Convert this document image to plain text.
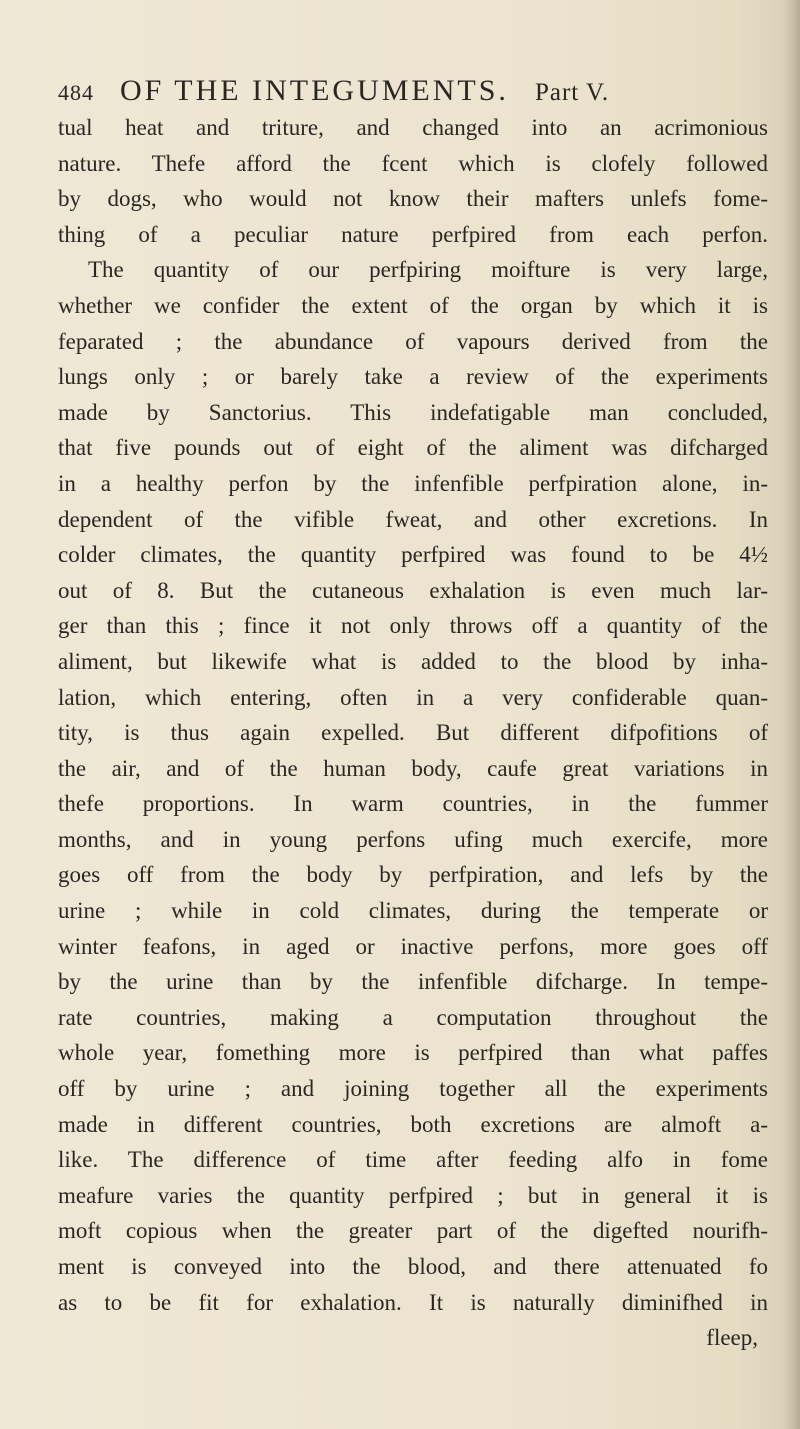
484 OF THE INTEGUMENTS. Part V.
tual heat and triture, and changed into an acrimonious
nature. Thefe afford the fcent which is clofely followed
by dogs, who would not know their mafters unlefs fome-
thing of a peculiar nature perfpired from each perfon.
The quantity of our perfpiring moifture is very large,
whether we confider the extent of the organ by which it is
feparated ; the abundance of vapours derived from the
lungs only ; or barely take a review of the experiments
made by Sanctorius. This indefatigable man concluded,
that five pounds out of eight of the aliment was difcharged
in a healthy perfon by the infenfible perfpiration alone, in-
dependent of the vifible fweat, and other excretions. In
colder climates, the quantity perfpired was found to be 4½
out of 8. But the cutaneous exhalation is even much lar-
ger than this ; fince it not only throws off a quantity of the
aliment, but likewife what is added to the blood by inha-
lation, which entering, often in a very confiderable quan-
tity, is thus again expelled. But different difpofitions of
the air, and of the human body, caufe great variations in
thefe proportions. In warm countries, in the fummer
months, and in young perfons ufing much exercife, more
goes off from the body by perfpiration, and lefs by the
urine ; while in cold climates, during the temperate or
winter feafons, in aged or inactive perfons, more goes off
by the urine than by the infenfible difcharge. In tempe-
rate countries, making a computation throughout the
whole year, fomething more is perfpired than what paffes
off by urine ; and joining together all the experiments
made in different countries, both excretions are almoft a-
like. The difference of time after feeding alfo in fome
meafure varies the quantity perfpired ; but in general it is
moft copious when the greater part of the digefted nourifh-
ment is conveyed into the blood, and there attenuated fo
as to be fit for exhalation. It is naturally diminifhed in
fleep,
